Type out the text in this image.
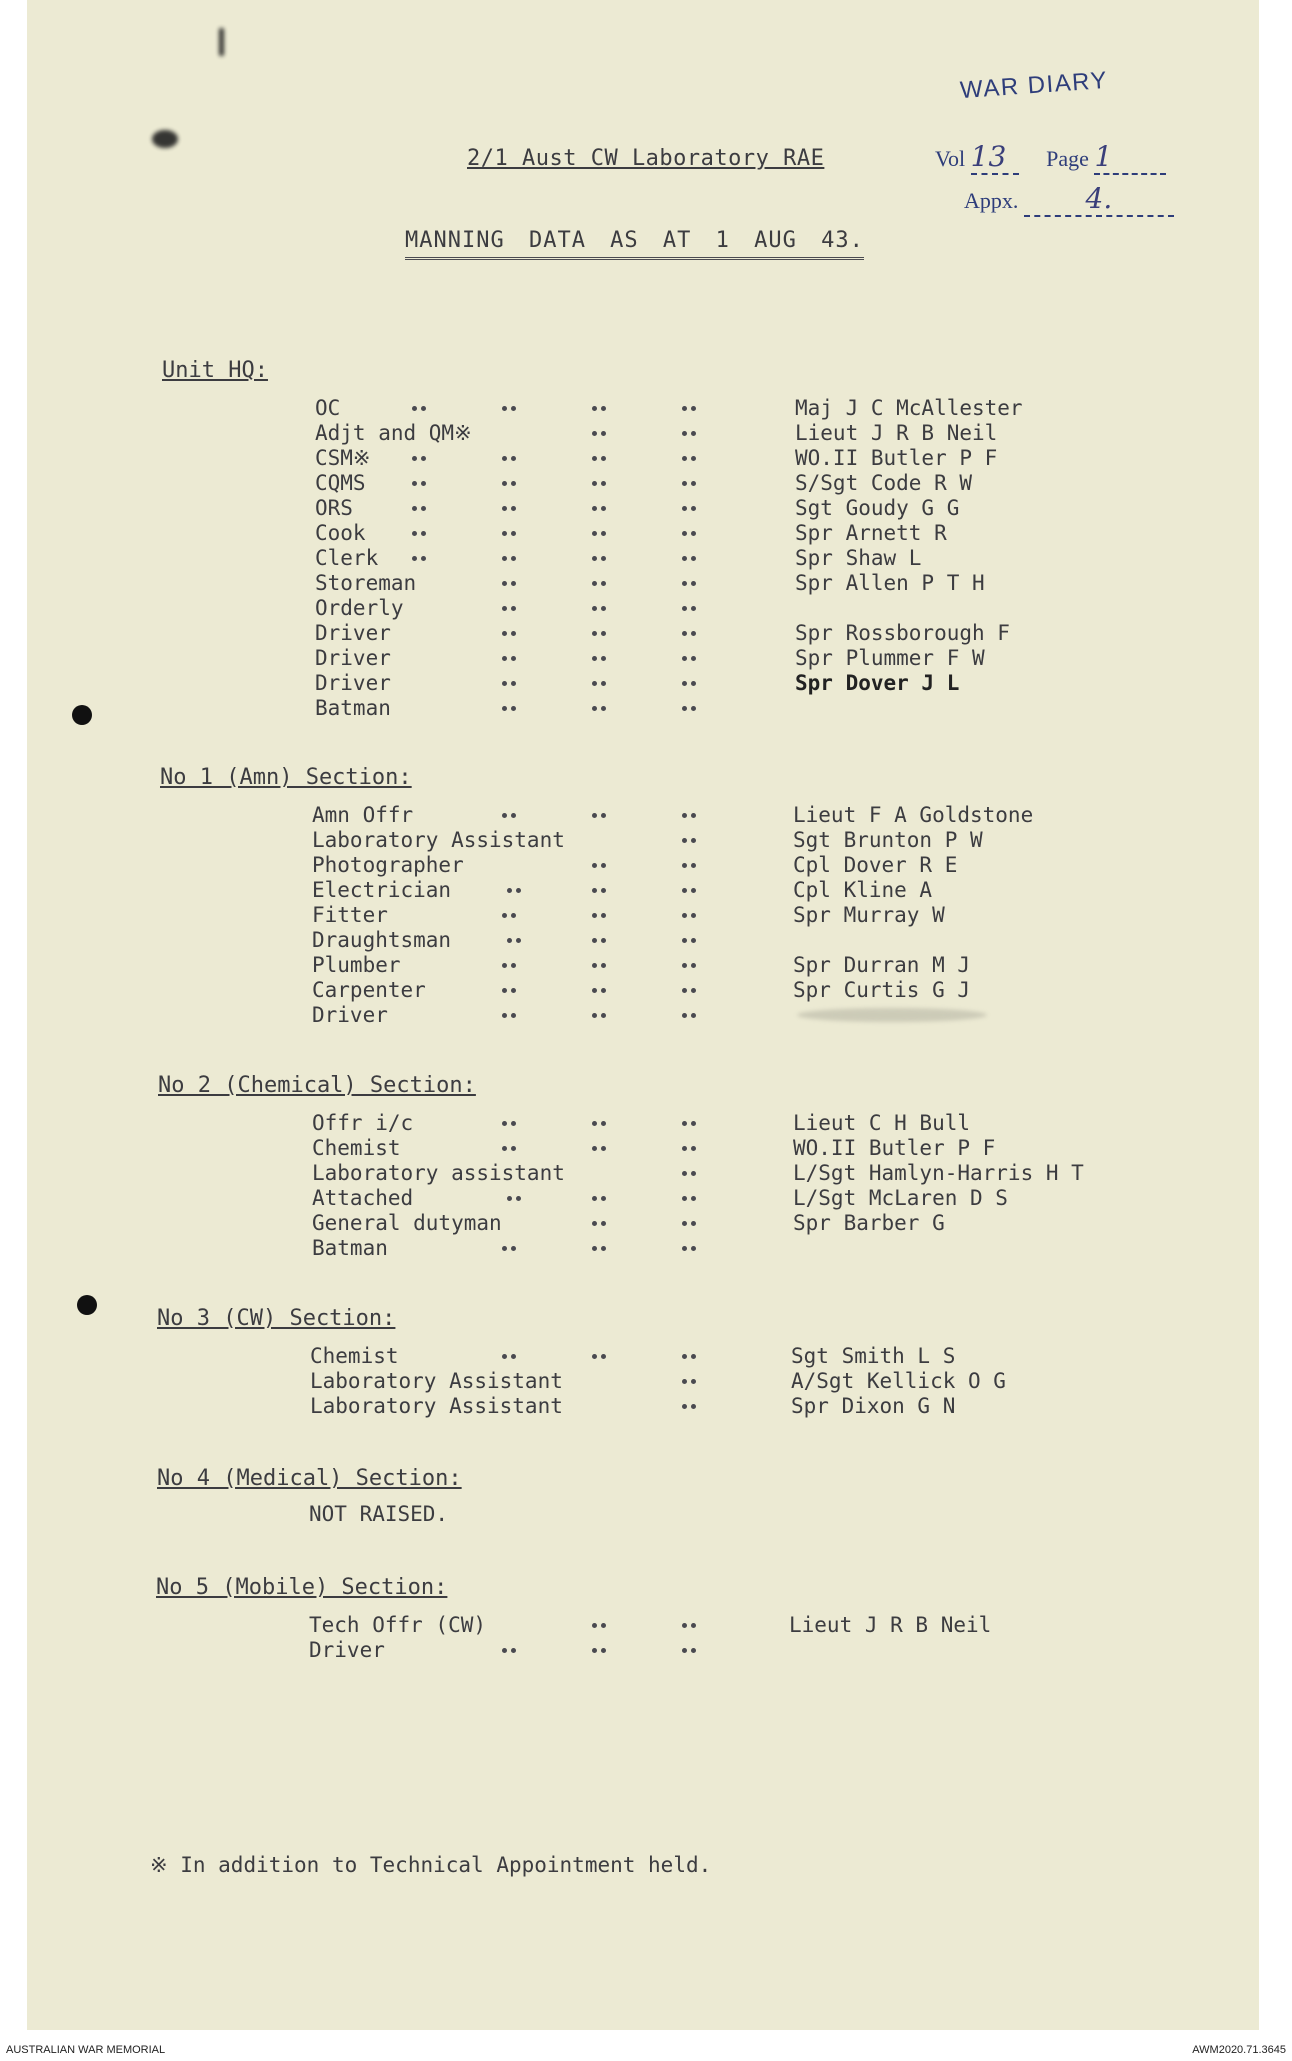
2/1 Aust CW Laboratory RAE
MANNING DATA AS AT 1 AUG 43.
WAR DIARY
Vol 13 Page 1
Appx. 4.
Unit HQ:
OC	Maj J C McAllester
Adjt and QM※	Lieut J R B Neil
CSM※	WO.II Butler P F
CQMS	S/Sgt Code R W
ORS	Sgt Goudy G G
Cook	Spr Arnett R
Clerk	Spr Shaw L
Storeman	Spr Allen P T H
Orderly
Driver	Spr Rossborough F
Driver	Spr Plummer F W
Driver	Spr Dover J L
Batman
No 1 (Amn) Section:
Amn Offr	Lieut F A Goldstone
Laboratory Assistant	Sgt Brunton P W
Photographer	Cpl Dover R E
Electrician	Cpl Kline A
Fitter	Spr Murray W
Draughtsman
Plumber	Spr Durran M J
Carpenter	Spr Curtis G J
Driver
No 2 (Chemical) Section:
Offr i/c	Lieut C H Bull
Chemist	WO.II Butler P F
Laboratory assistant	L/Sgt Hamlyn-Harris H T
Attached	L/Sgt McLaren D S
General dutyman	Spr Barber G
Batman
No 3 (CW) Section:
Chemist	Sgt Smith L S
Laboratory Assistant	A/Sgt Kellick O G
Laboratory Assistant	Spr Dixon G N
No 4 (Medical) Section:
NOT RAISED.
No 5 (Mobile) Section:
Tech Offr (CW)	Lieut J R B Neil
Driver
※ In addition to Technical Appointment held.
AUSTRALIAN WAR MEMORIAL	AWM2020.71.3645
